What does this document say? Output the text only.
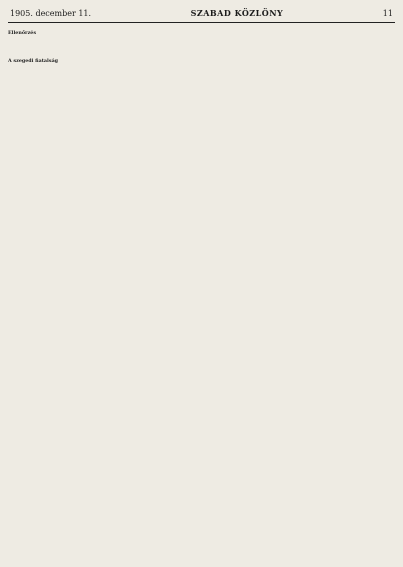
1905. december 11.	SZABAD KÖZLÖNY	11
Ellenőrzés
A szegedi fiatalság
